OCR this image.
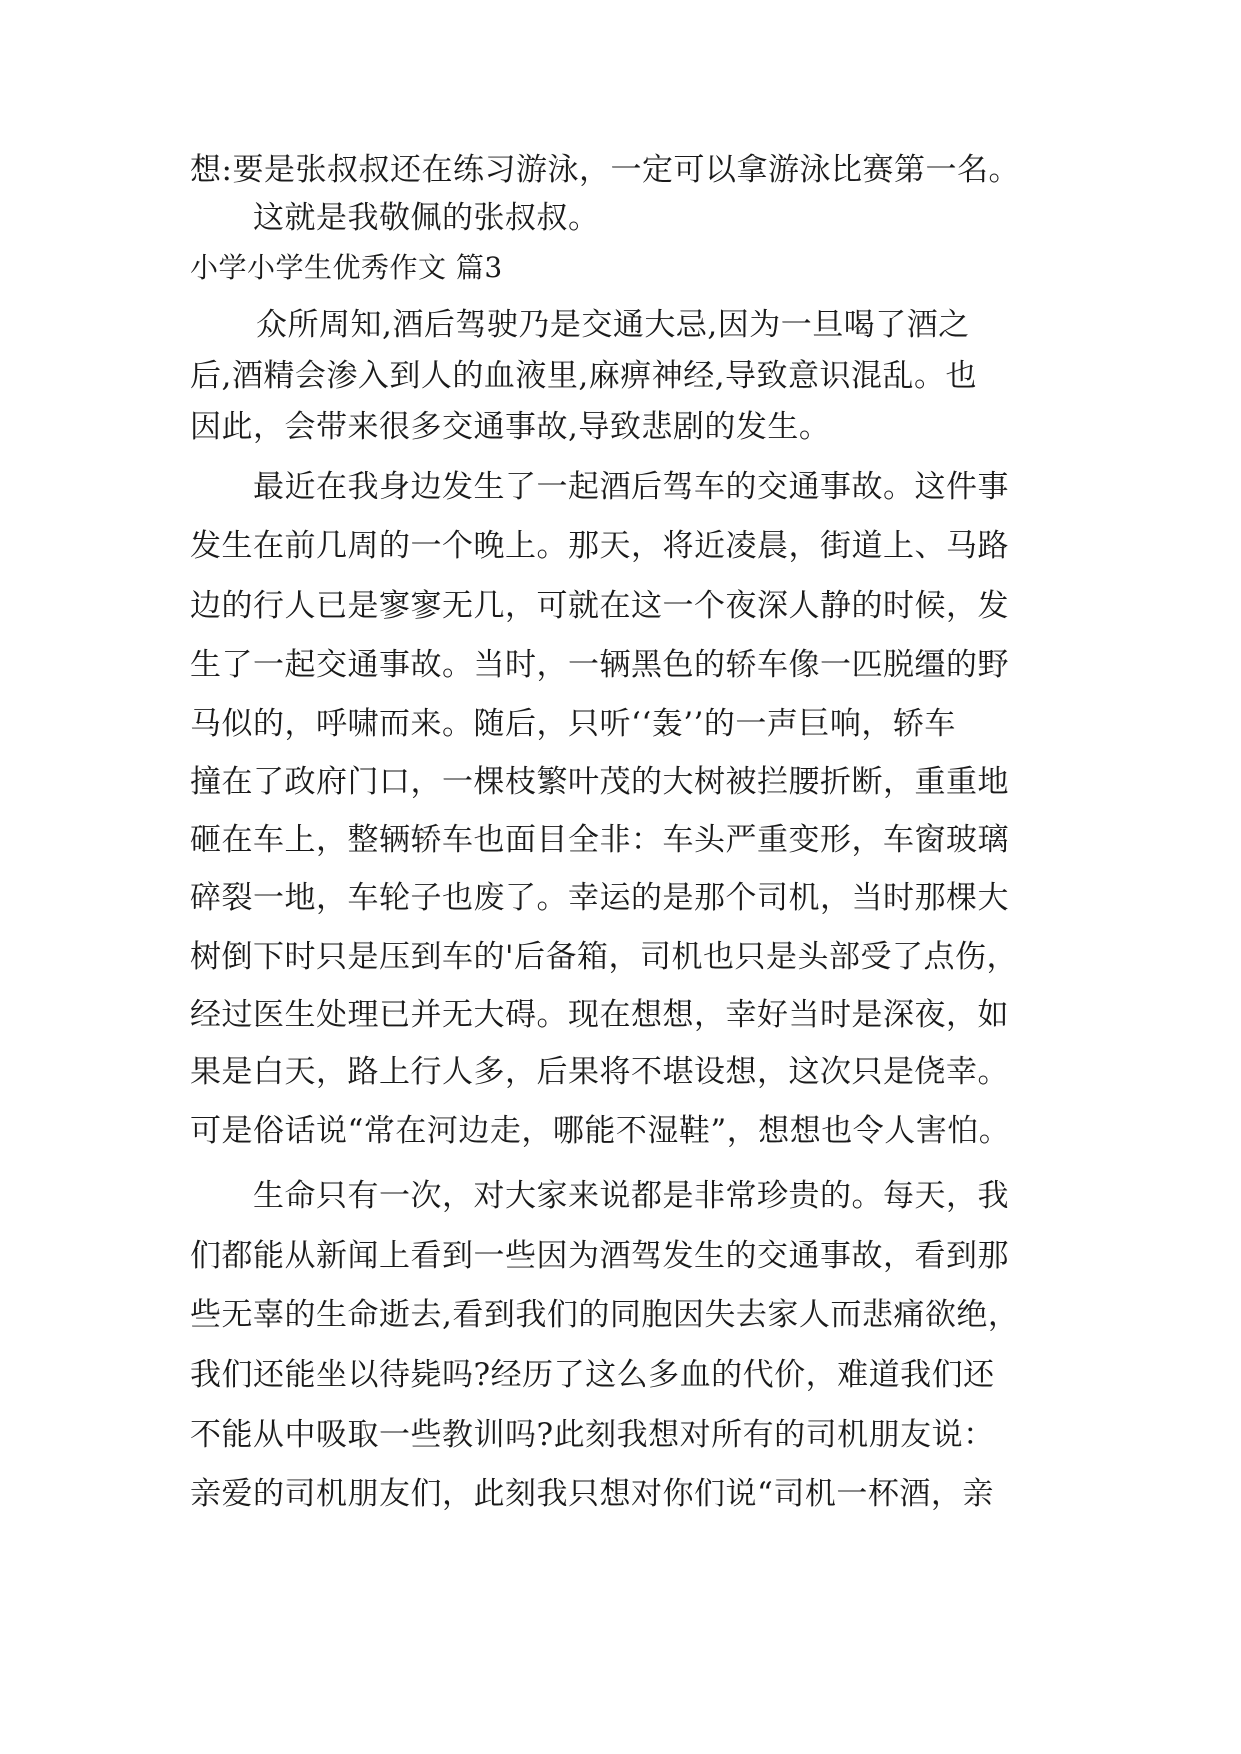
想:要是张叔叔还在练习游泳，一定可以拿游泳比赛第一名。
这就是我敬佩的张叔叔。
小学小学生优秀作文 篇3
众所周知,酒后驾驶乃是交通大忌,因为一旦喝了酒之
后,酒精会渗入到人的血液里,麻痹神经,导致意识混乱。也
因此，会带来很多交通事故,导致悲剧的发生。
最近在我身边发生了一起酒后驾车的交通事故。这件事
发生在前几周的一个晚上。那天，将近凌晨，街道上、马路
边的行人已是寥寥无几，可就在这一个夜深人静的时候，发
生了一起交通事故。当时，一辆黑色的轿车像一匹脱缰的野
马似的，呼啸而来。随后，只听‘‘轰’’的一声巨响，轿车
撞在了政府门口，一棵枝繁叶茂的大树被拦腰折断，重重地
砸在车上，整辆轿车也面目全非：车头严重变形，车窗玻璃
碎裂一地，车轮子也废了。幸运的是那个司机，当时那棵大
树倒下时只是压到车的'后备箱，司机也只是头部受了点伤，
经过医生处理已并无大碍。现在想想，幸好当时是深夜，如
果是白天，路上行人多，后果将不堪设想，这次只是侥幸。
可是俗话说“常在河边走，哪能不湿鞋”，想想也令人害怕。
生命只有一次，对大家来说都是非常珍贵的。每天，我
们都能从新闻上看到一些因为酒驾发生的交通事故，看到那
些无辜的生命逝去,看到我们的同胞因失去家人而悲痛欲绝，
我们还能坐以待毙吗?经历了这么多血的代价，难道我们还
不能从中吸取一些教训吗?此刻我想对所有的司机朋友说：
亲爱的司机朋友们，此刻我只想对你们说“司机一杯酒，亲
